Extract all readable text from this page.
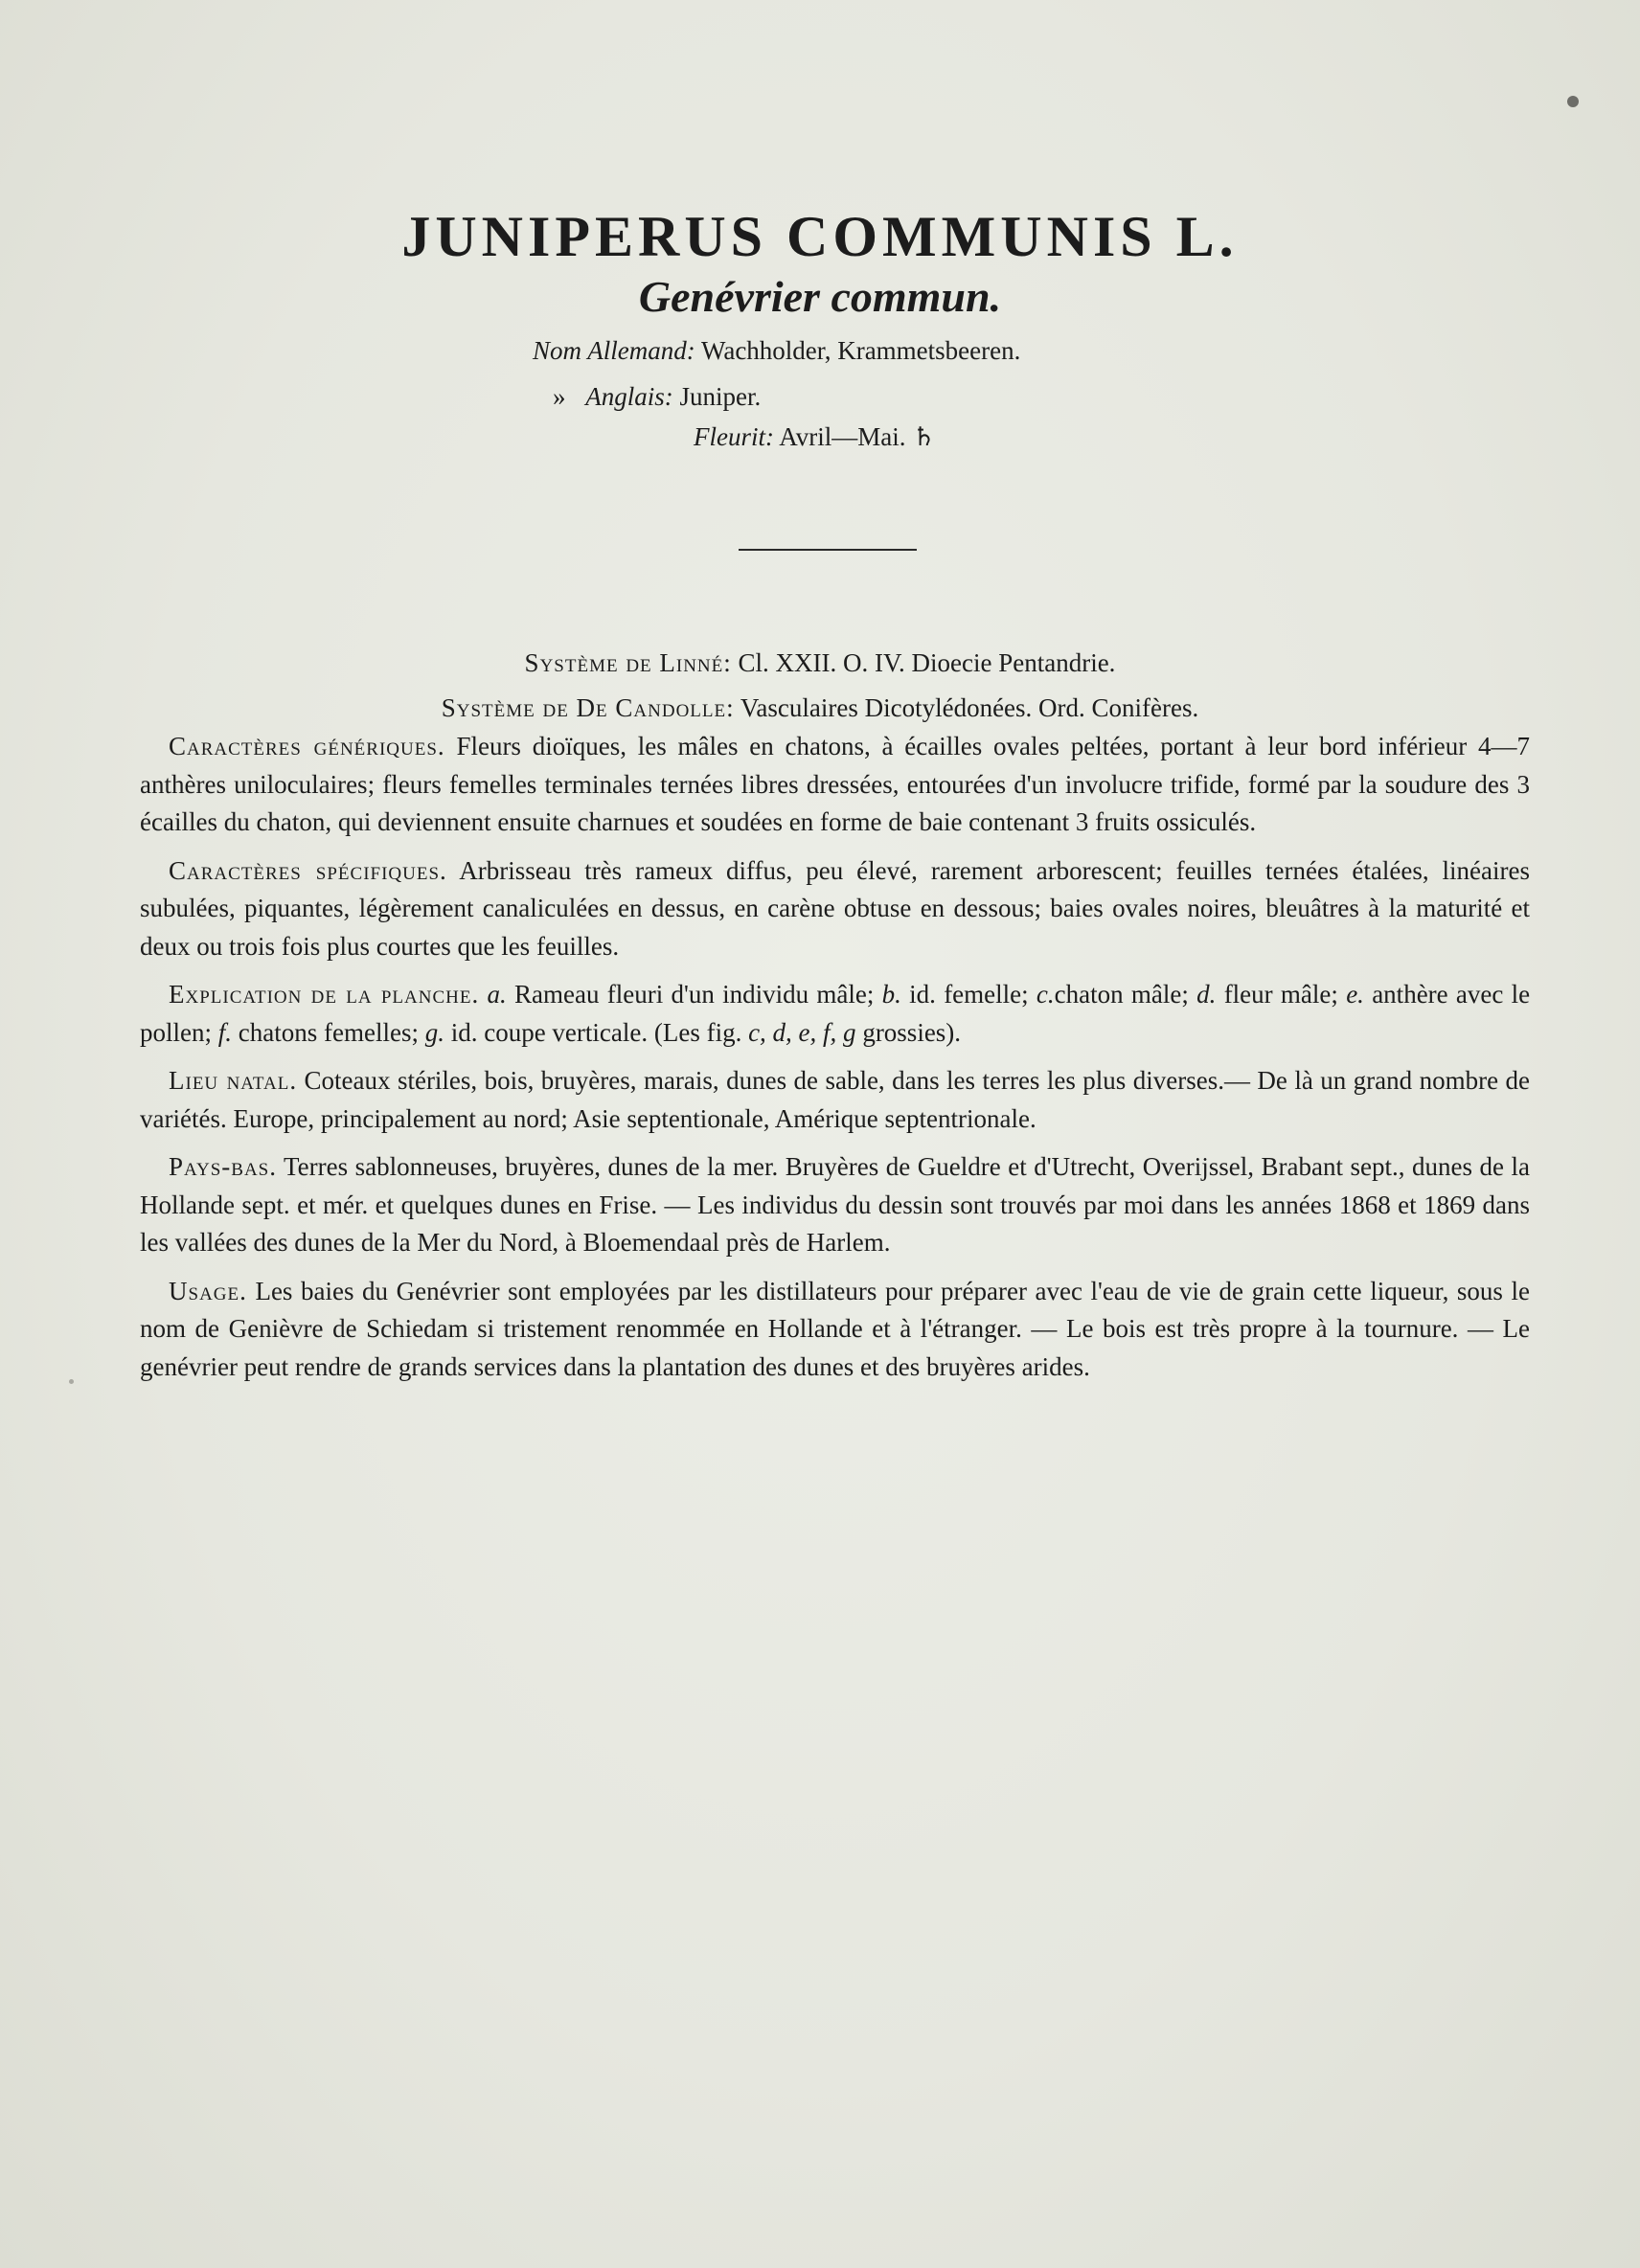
JUNIPERUS COMMUNIS L.
Genévrier commun.
Nom Allemand: Wachholder, Krammetsbeeren.
» Anglais: Juniper.
Fleurit: Avril—Mai. ♄
Système de Linné: Cl. XXII. O. IV. Dioecie Pentandrie.
Système de De Candolle: Vasculaires Dicotylédonées. Ord. Conifères.

Caractères génériques. Fleurs dioïques, les mâles en chatons, à écailles ovales peltées, portant à leur bord inférieur 4—7 anthères uniloculaires; fleurs femelles terminales ternées libres dressées, entourées d'un involucre trifide, formé par la soudure des 3 écailles du chaton, qui deviennent ensuite charnues et soudées en forme de baie contenant 3 fruits ossiculés.

Caractères spécifiques. Arbrisseau très rameux diffus, peu élevé, rarement arborescent; feuilles ternées étalées, linéaires subulées, piquantes, légèrement canaliculées en dessus, en carène obtuse en dessous; baies ovales noires, bleuâtres à la maturité et deux ou trois fois plus courtes que les feuilles.

Explication de la planche. a. Rameau fleuri d'un individu mâle; b. id. femelle; c.chaton mâle; d. fleur mâle; e. anthère avec le pollen; f. chatons femelles; g. id. coupe verticale. (Les fig. c, d, e, f, g grossies).

Lieu natal. Coteaux stériles, bois, bruyères, marais, dunes de sable, dans les terres les plus diverses.— De là un grand nombre de variétés. Europe, principalement au nord; Asie septentionale, Amérique septentrionale.

Pays-bas. Terres sablonneuses, bruyères, dunes de la mer. Bruyères de Gueldre et d'Utrecht, Overijssel, Brabant sept., dunes de la Hollande sept. et mér. et quelques dunes en Frise. — Les individus du dessin sont trouvés par moi dans les années 1868 et 1869 dans les vallées des dunes de la Mer du Nord, à Bloemendaal près de Harlem.

Usage. Les baies du Genévrier sont employées par les distillateurs pour préparer avec l'eau de vie de grain cette liqueur, sous le nom de Genièvre de Schiedam si tristement renommée en Hollande et à l'étranger. — Le bois est très propre à la tournure. — Le genévrier peut rendre de grands services dans la plantation des dunes et des bruyères arides.
